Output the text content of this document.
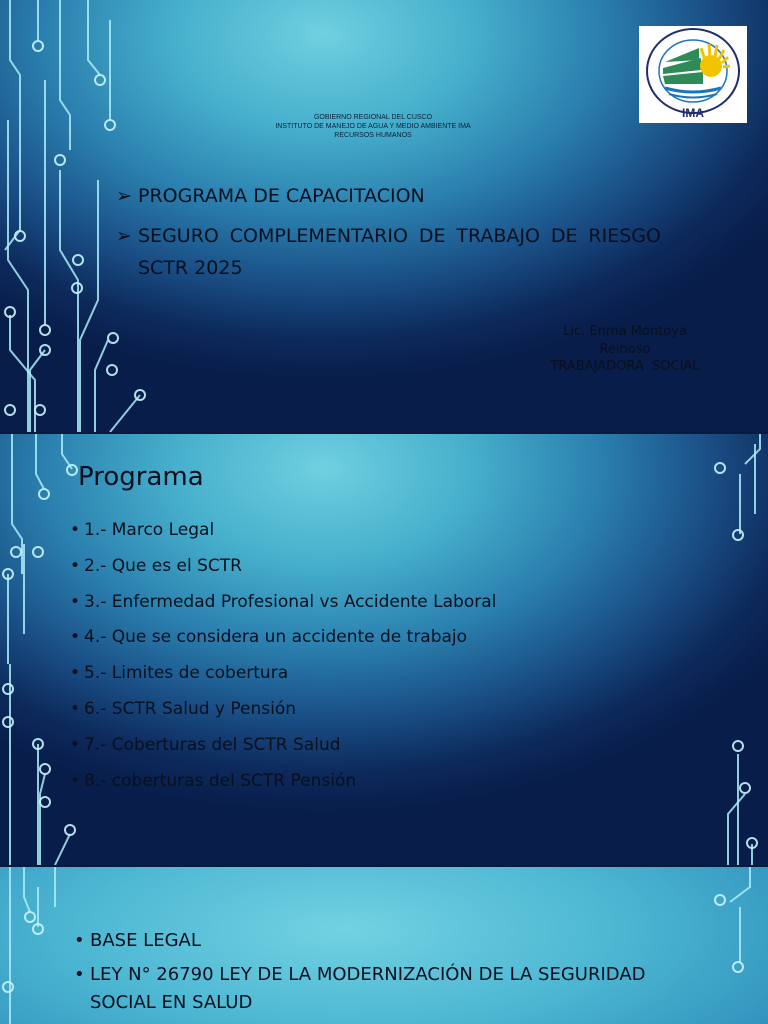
GOBIERNO REGIONAL DEL CUSCO
INSTITUTO DE MANEJO DE AGUA Y MEDIO AMBIENTE IMA
RECURSOS HUMANOS
IMA
➢ PROGRAMA DE CAPACITACION
➢ SEGURO COMPLEMENTARIO DE TRABAJO DE RIESGO SCTR 2025
Lic. Enma Montoya
Reinoso
TRABAJADORA  SOCIAL
Programa
• 1.- Marco Legal
• 2.- Que es el SCTR
• 3.- Enfermedad Profesional vs Accidente Laboral
• 4.- Que se considera un accidente de trabajo
• 5.- Limites de cobertura
• 6.- SCTR Salud y Pensión
• 7.- Coberturas del SCTR Salud
• 8.- coberturas del SCTR Pensión
• BASE LEGAL
• LEY N° 26790 LEY DE LA MODERNIZACIÓN DE LA SEGURIDAD SOCIAL EN SALUD
